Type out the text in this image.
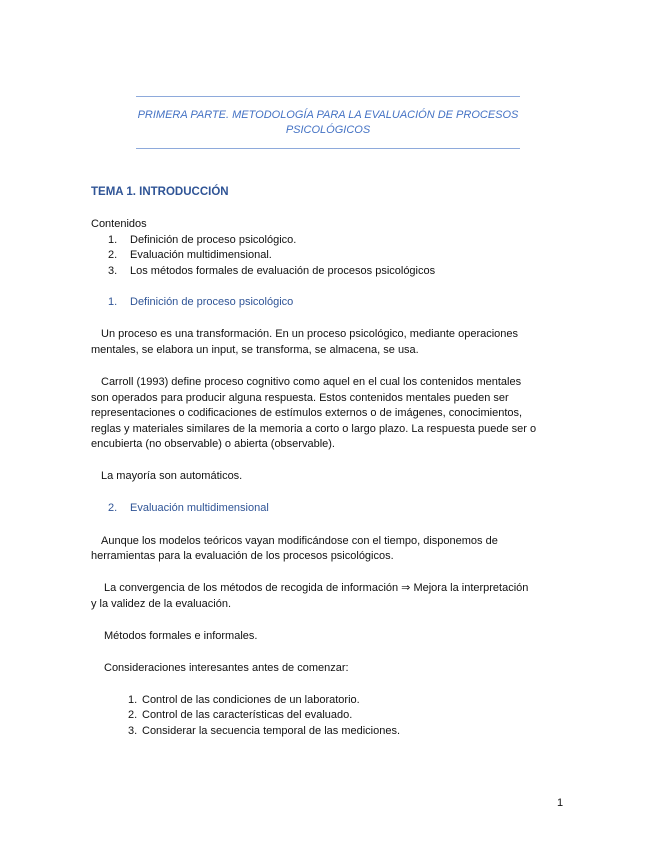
PRIMERA PARTE. METODOLOGÍA PARA LA EVALUACIÓN DE PROCESOS PSICOLÓGICOS
TEMA 1. INTRODUCCIÓN
Contenidos
1. Definición de proceso psicológico.
2. Evaluación multidimensional.
3. Los métodos formales de evaluación de procesos psicológicos
1. Definición de proceso psicológico
Un proceso es una transformación. En un proceso psicológico, mediante operaciones
mentales, se elabora un input, se transforma, se almacena, se usa.
Carroll (1993) define proceso cognitivo como aquel en el cual los contenidos mentales
son operados para producir alguna respuesta. Estos contenidos mentales pueden ser
representaciones o codificaciones de estímulos externos o de imágenes, conocimientos,
reglas y materiales similares de la memoria a corto o largo plazo. La respuesta puede ser o
encubierta (no observable) o abierta (observable).
La mayoría son automáticos.
2. Evaluación multidimensional
Aunque los modelos teóricos vayan modificándose con el tiempo, disponemos de
herramientas para la evaluación de los procesos psicológicos.
La convergencia de los métodos de recogida de información ⇒ Mejora la interpretación
y la validez de la evaluación.
Métodos formales e informales.
Consideraciones interesantes antes de comenzar:
1. Control de las condiciones de un laboratorio.
2. Control de las características del evaluado.
3. Considerar la secuencia temporal de las mediciones.
1
